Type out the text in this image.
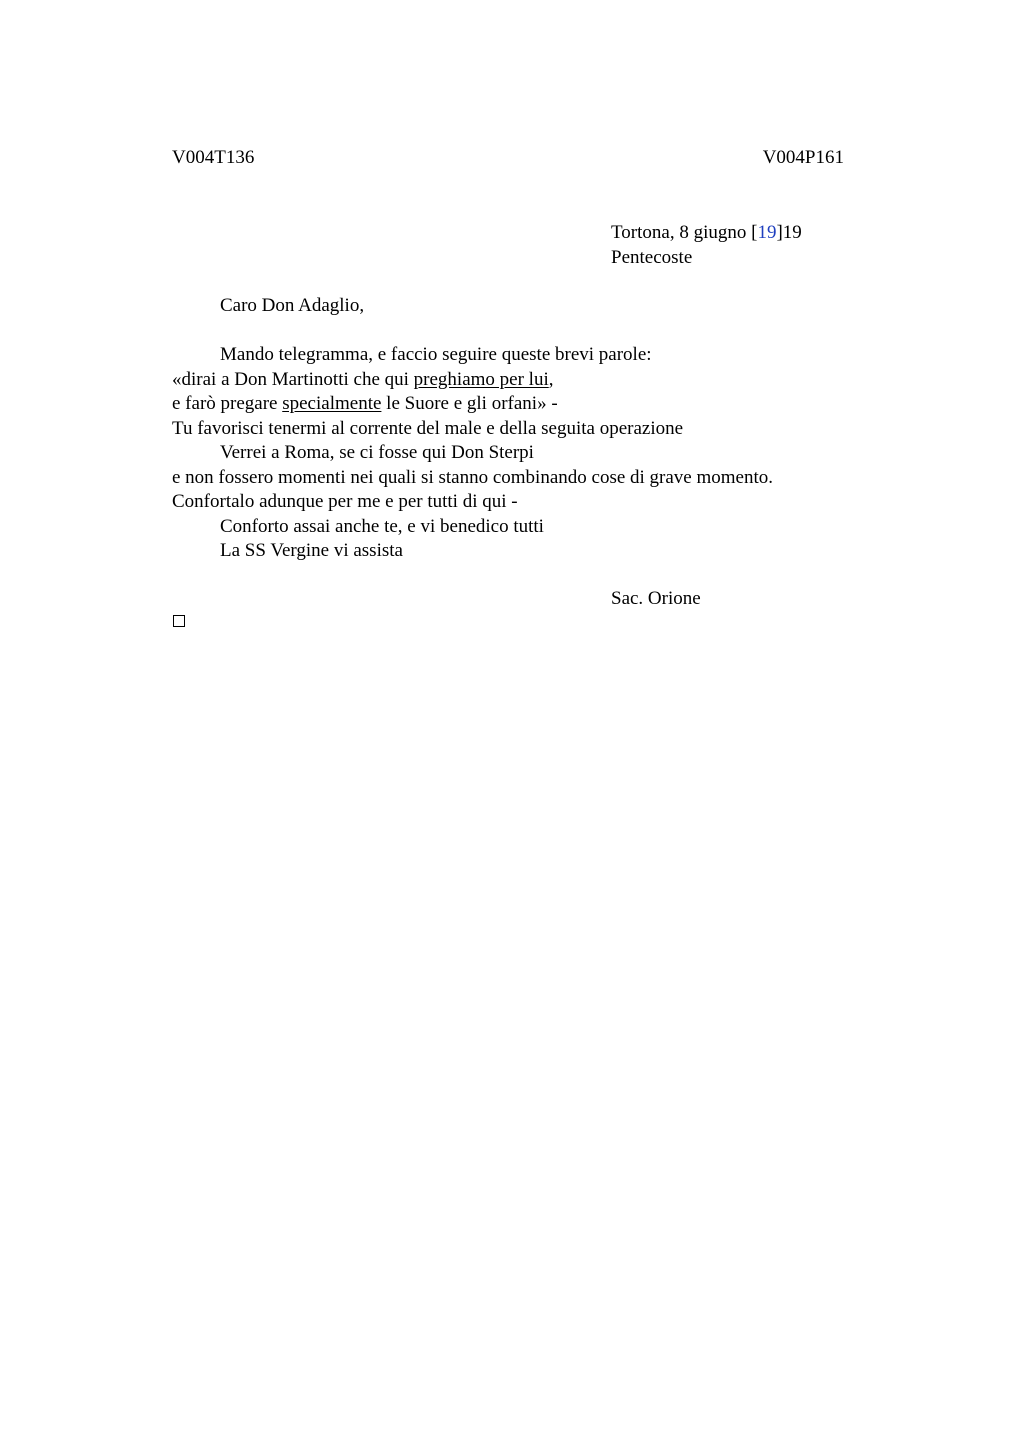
V004T136	V004P161
Tortona, 8 giugno [19]19
Pentecoste
Caro Don Adaglio,
Mando telegramma, e faccio seguire queste brevi parole:
«dirai a Don Martinotti che qui preghiamo per lui,
e farò pregare specialmente le Suore e gli orfani» -
Tu favorisci tenermi al corrente del male e della seguita operazione
Verrei a Roma, se ci fosse qui Don Sterpi
e non fossero momenti nei quali si stanno combinando cose di grave momento.
Confortalo adunque per me e per tutti di qui -
Conforto assai anche te, e vi benedico tutti
La SS Vergine vi assista
Sac. Orione
